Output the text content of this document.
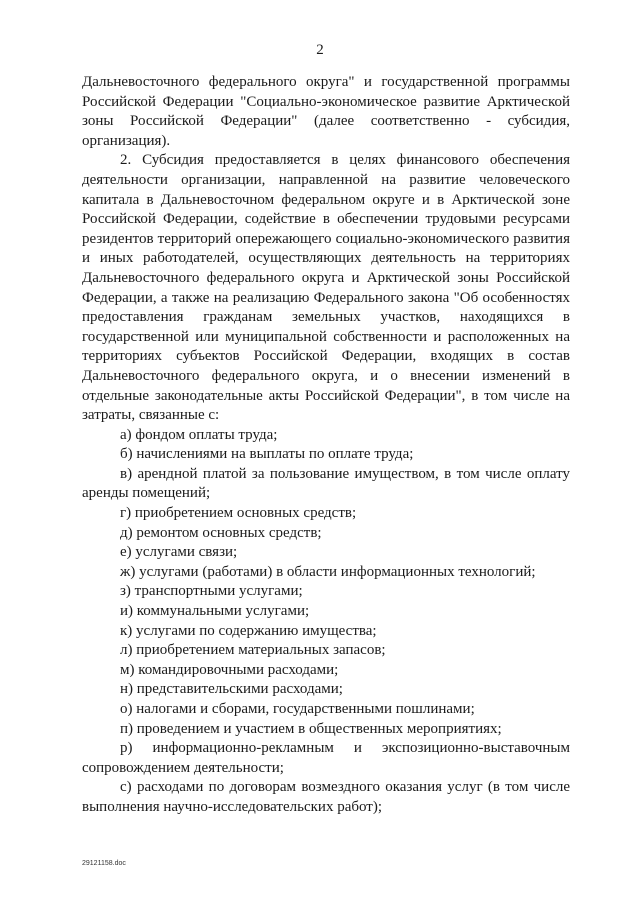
2

Дальневосточного федерального округа" и государственной программы Российской Федерации "Социально-экономическое развитие Арктической зоны Российской Федерации" (далее соответственно - субсидия, организация).

2. Субсидия предоставляется в целях финансового обеспечения деятельности организации, направленной на развитие человеческого капитала в Дальневосточном федеральном округе и в Арктической зоне Российской Федерации, содействие в обеспечении трудовыми ресурсами резидентов территорий опережающего социально-экономического развития и иных работодателей, осуществляющих деятельность на территориях Дальневосточного федерального округа и Арктической зоны Российской Федерации, а также на реализацию Федерального закона "Об особенностях предоставления гражданам земельных участков, находящихся в государственной или муниципальной собственности и расположенных на территориях субъектов Российской Федерации, входящих в состав Дальневосточного федерального округа, и о внесении изменений в отдельные законодательные акты Российской Федерации", в том числе на затраты, связанные с:

а) фондом оплаты труда;

б) начислениями на выплаты по оплате труда;

в) арендной платой за пользование имуществом, в том числе оплату аренды помещений;

г) приобретением основных средств;

д) ремонтом основных средств;

е) услугами связи;

ж) услугами (работами) в области информационных технологий;

з) транспортными услугами;

и) коммунальными услугами;

к) услугами по содержанию имущества;

л) приобретением материальных запасов;

м) командировочными расходами;

н) представительскими расходами;

о) налогами и сборами, государственными пошлинами;

п) проведением и участием в общественных мероприятиях;

р) информационно-рекламным и экспозиционно-выставочным сопровождением деятельности;

с) расходами по договорам возмездного оказания услуг (в том числе выполнения научно-исследовательских работ);

29121158.doc
